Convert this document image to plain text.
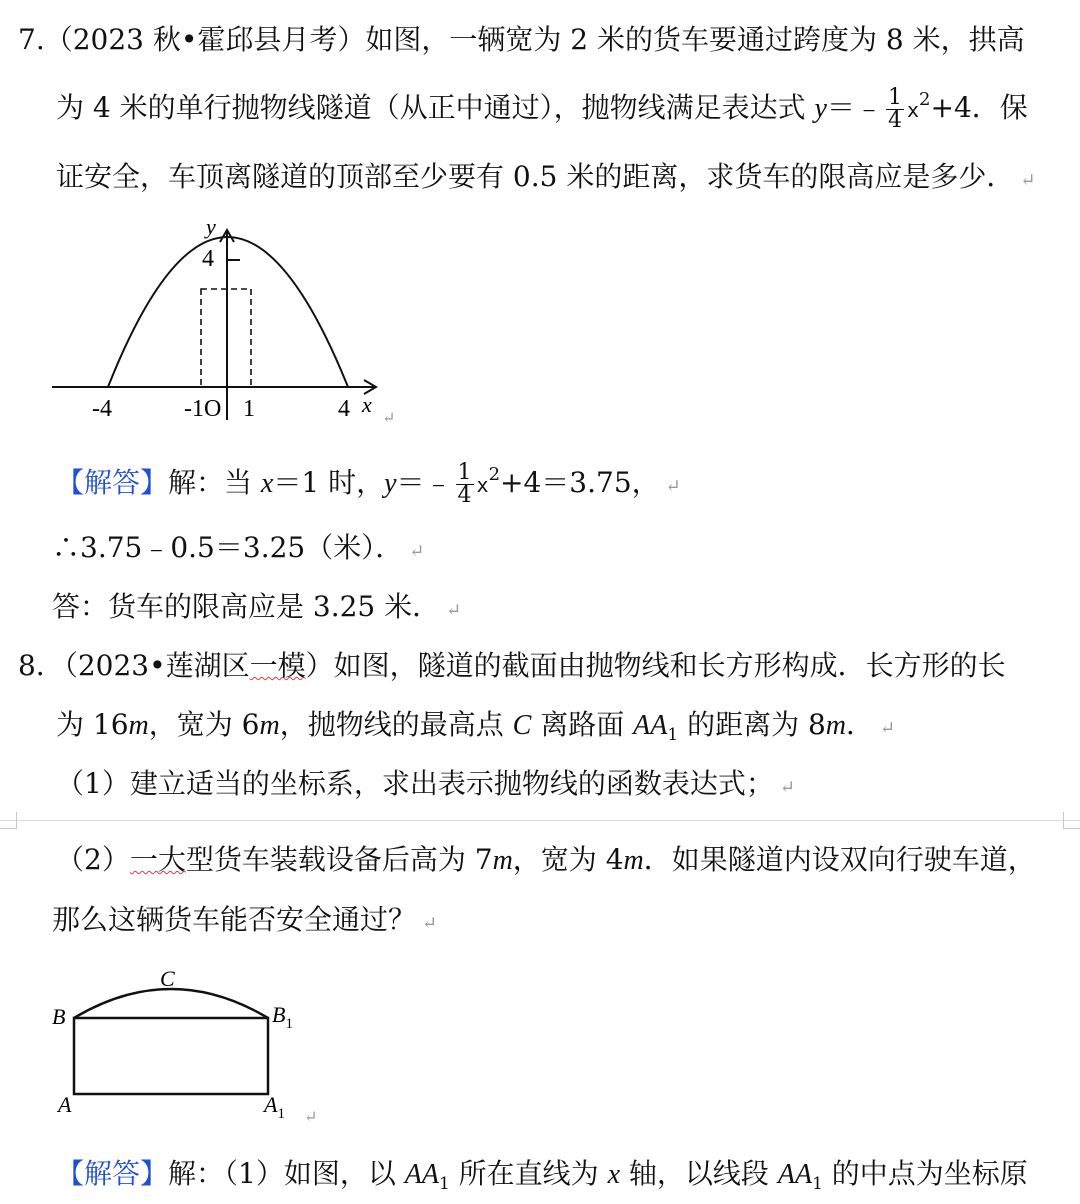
7.（2023 秋•霍邱县月考）如图，一辆宽为 2 米的货车要通过跨度为 8 米，拱高
为 4 米的单行抛物线隧道（从正中通过），抛物线满足表达式 y＝﹣ $\frac{1}{4} x^2+4$．保
证安全，车顶离隧道的顶部至少要有 0.5 米的距离，求货车的限高应是多少． ↵
y
4
-4	-1O 1	4 x
↵
【解答】解：当 x＝1 时，y＝﹣ $\frac{1}{4} x^2+4=3.75$， ↵
∴3.75﹣0.5＝3.25（米）． ↵
答：货车的限高应是 3.25 米． ↵
8．（2023•莲湖区一模）如图，隧道的截面由抛物线和长方形构成．长方形的长
为 16m，宽为 6m，抛物线的最高点 C 离路面 $AA_1$ 的距离为 8m． ↵
（1）建立适当的坐标系，求出表示抛物线的函数表达式； ↵
（2）一大型货车装载设备后高为 7m，宽为 4m．如果隧道内设双向行驶车道，
那么这辆货车能否安全通过？ ↵
C
B	$B_1$
A	$A_1$ ↵
【解答】解：（1）如图，以 $AA_1$ 所在直线为 x 轴，以线段 $AA_1$ 的中点为坐标原
